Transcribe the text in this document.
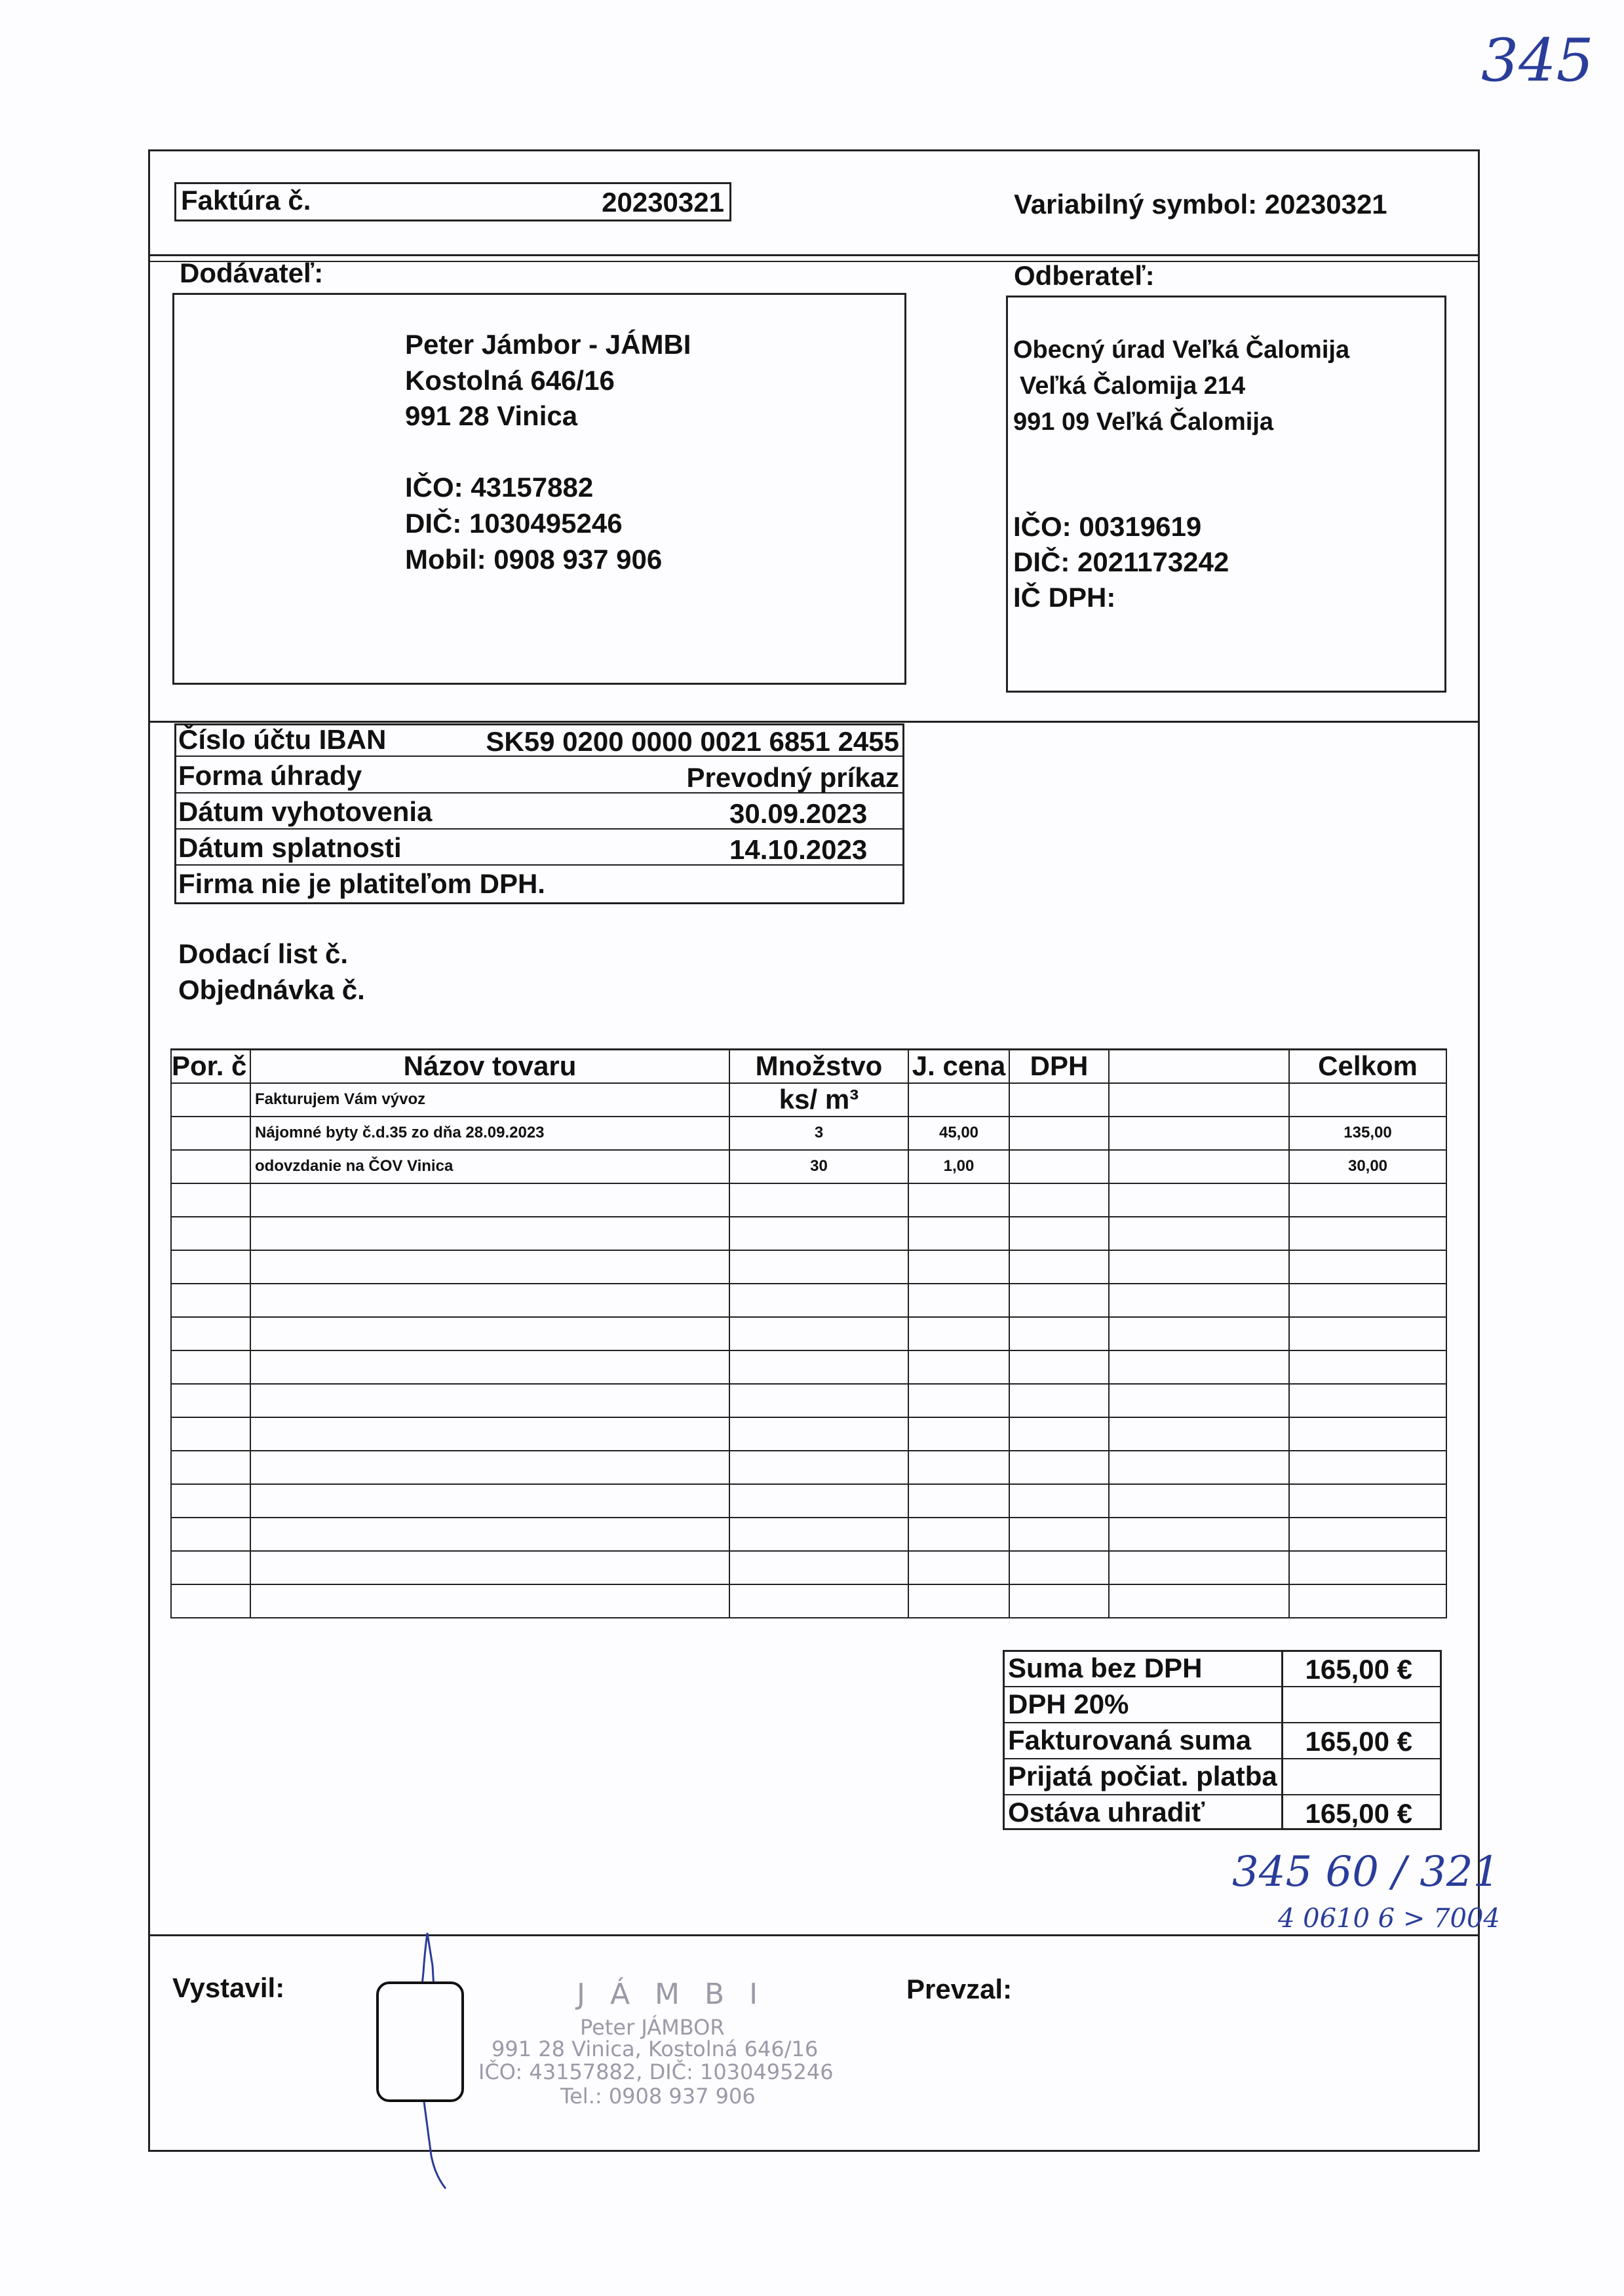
345
Faktúra č.	20230321	Variabilný symbol: 20230321
Dodávateľ:
Peter Jámbor - JÁMBI
Kostolná 646/16
991 28 Vinica
IČO: 43157882
DIČ: 1030495246
Mobil: 0908 937 906
Odberateľ:
Obecný úrad Veľká Čalomija
Veľká Čalomija 214
991 09 Veľká Čalomija
IČO: 00319619
DIČ: 2021173242
IČ DPH:
Číslo účtu IBAN	SK59 0200 0000 0021 6851 2455
Forma úhrady	Prevodný príkaz
Dátum vyhotovenia	30.09.2023
Dátum splatnosti	14.10.2023
Firma nie je platiteľom DPH.
Dodací list č.
Objednávka č.
Por. č	Názov tovaru	Množstvo	J. cena	DPH		Celkom
	Fakturujem Vám vývoz	ks/ m³				
	Nájomné byty č.d.35 zo dňa 28.09.2023	3	45,00			135,00
	odovzdanie na ČOV Vinica	30	1,00			30,00

Suma bez DPH	165,00 €
DPH 20%
Fakturovaná suma	165,00 €
Prijatá počiat. platba
Ostáva uhradiť	165,00 €
345 60 / 321
4 0610 6 > 7004
Vystavil:	Prevzal:
J Á M B I
Peter JÁMBOR
991 28 Vinica, Kostolná 646/16
IČO: 43157882, DIČ: 1030495246
Tel.: 0908 937 906
